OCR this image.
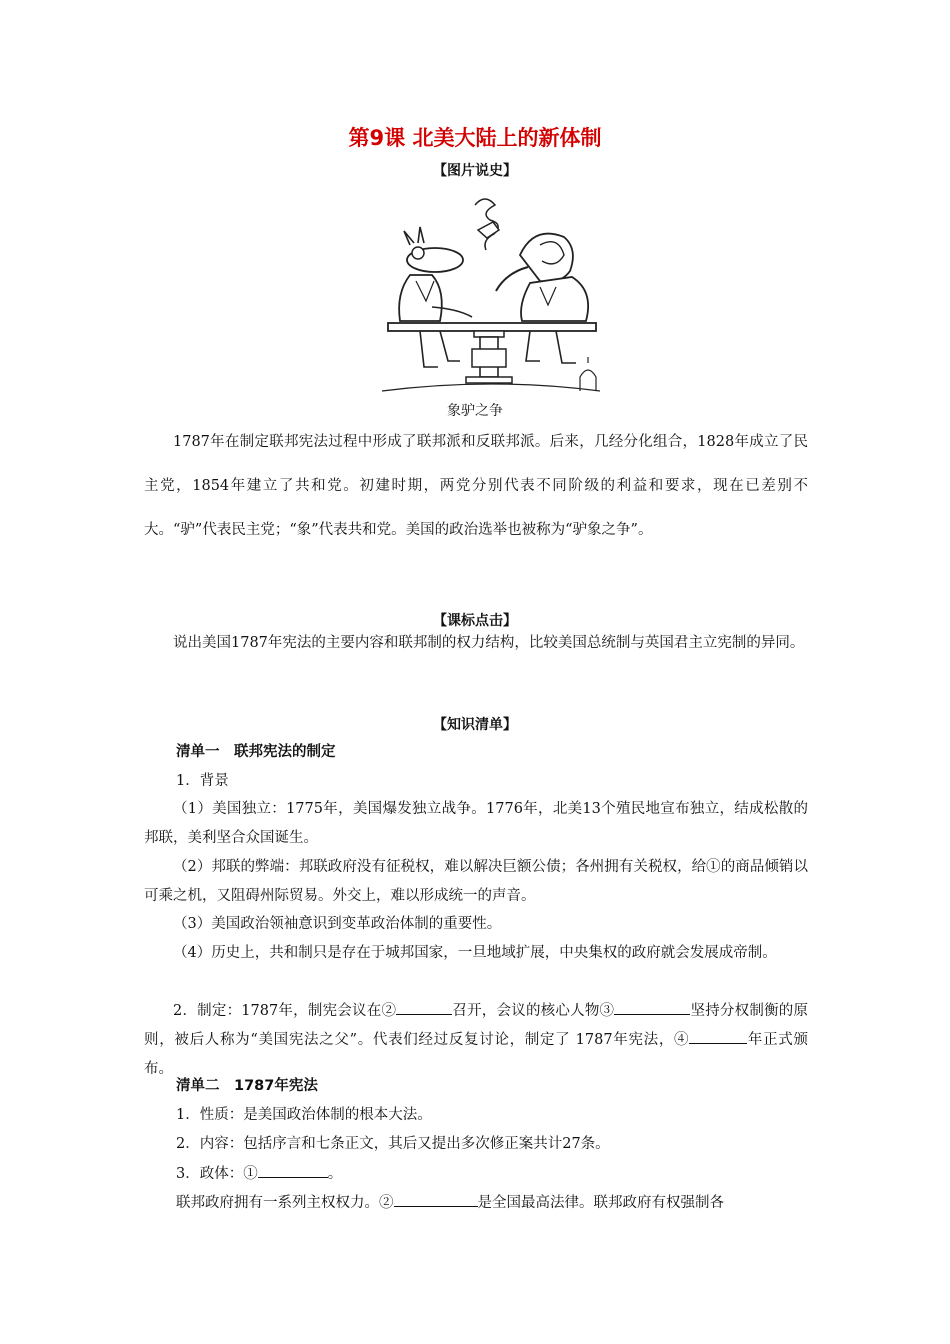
第9课 北美大陆上的新体制
【图片说史】
象驴之争
1787年在制定联邦宪法过程中形成了联邦派和反联邦派。后来，几经分化组合，1828年成立了民主党，1854年建立了共和党。初建时期，两党分别代表不同阶级的利益和要求，现在已差别不大。“驴”代表民主党；“象”代表共和党。美国的政治选举也被称为“驴象之争”。
【课标点击】
说出美国1787年宪法的主要内容和联邦制的权力结构，比较美国总统制与英国君主立宪制的异同。
【知识清单】
清单一　联邦宪法的制定
1．背景
（1）美国独立：1775年，美国爆发独立战争。1776年，北美13个殖民地宣布独立，结成松散的邦联，美利坚合众国诞生。
（2）邦联的弊端：邦联政府没有征税权，难以解决巨额公债；各州拥有关税权，给①的商品倾销以可乘之机，又阻碍州际贸易。外交上，难以形成统一的声音。
（3）美国政治领袖意识到变革政治体制的重要性。
（4）历史上，共和制只是存在于城邦国家，一旦地域扩展，中央集权的政府就会发展成帝制。
2．制定：1787年，制宪会议在②	召开，会议的核心人物③	坚持分权制衡的原则，被后人称为“美国宪法之父”。代表们经过反复讨论，制定了 1787年宪法，④	年正式颁布。
清单二　1787年宪法
1．性质：是美国政治体制的根本大法。
2．内容：包括序言和七条正文，其后又提出多次修正案共计27条。
3．政体：①	。
联邦政府拥有一系列主权权力。②	是全国最高法律。联邦政府有权强制各
